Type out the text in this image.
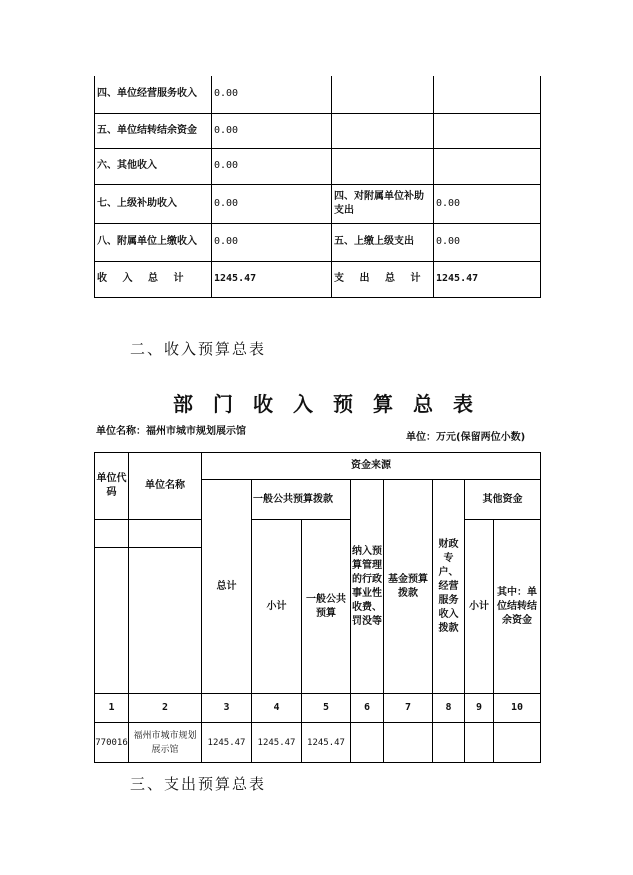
四、单位经营服务收入	0.00		
五、单位结转结余资金	0.00		
六、其他收入	0.00		
七、上级补助收入	0.00	四、对附属单位补助支出	0.00
八、附属单位上缴收入	0.00	五、上缴上级支出	0.00
收 入 总 计	1245.47	支 出 总 计	1245.47
二、收入预算总表
部门收入预算总表
单位名称：福州市城市规划展示馆
单位：万元(保留两位小数)
单位代码	单位名称	资金来源							
		总计	一般公共预算拨款		纳入预算管理的行政事业性收费、罚没等	基金预算拨款	财政专户、经营服务收入拨款	其他资金	
			小计	一般公共预算				小计	其中：单位结转结余资金

1	2	3	4	5	6	7	8	9	10
770016	福州市城市规划展示馆	1245.47	1245.47	1245.47					
三、支出预算总表
